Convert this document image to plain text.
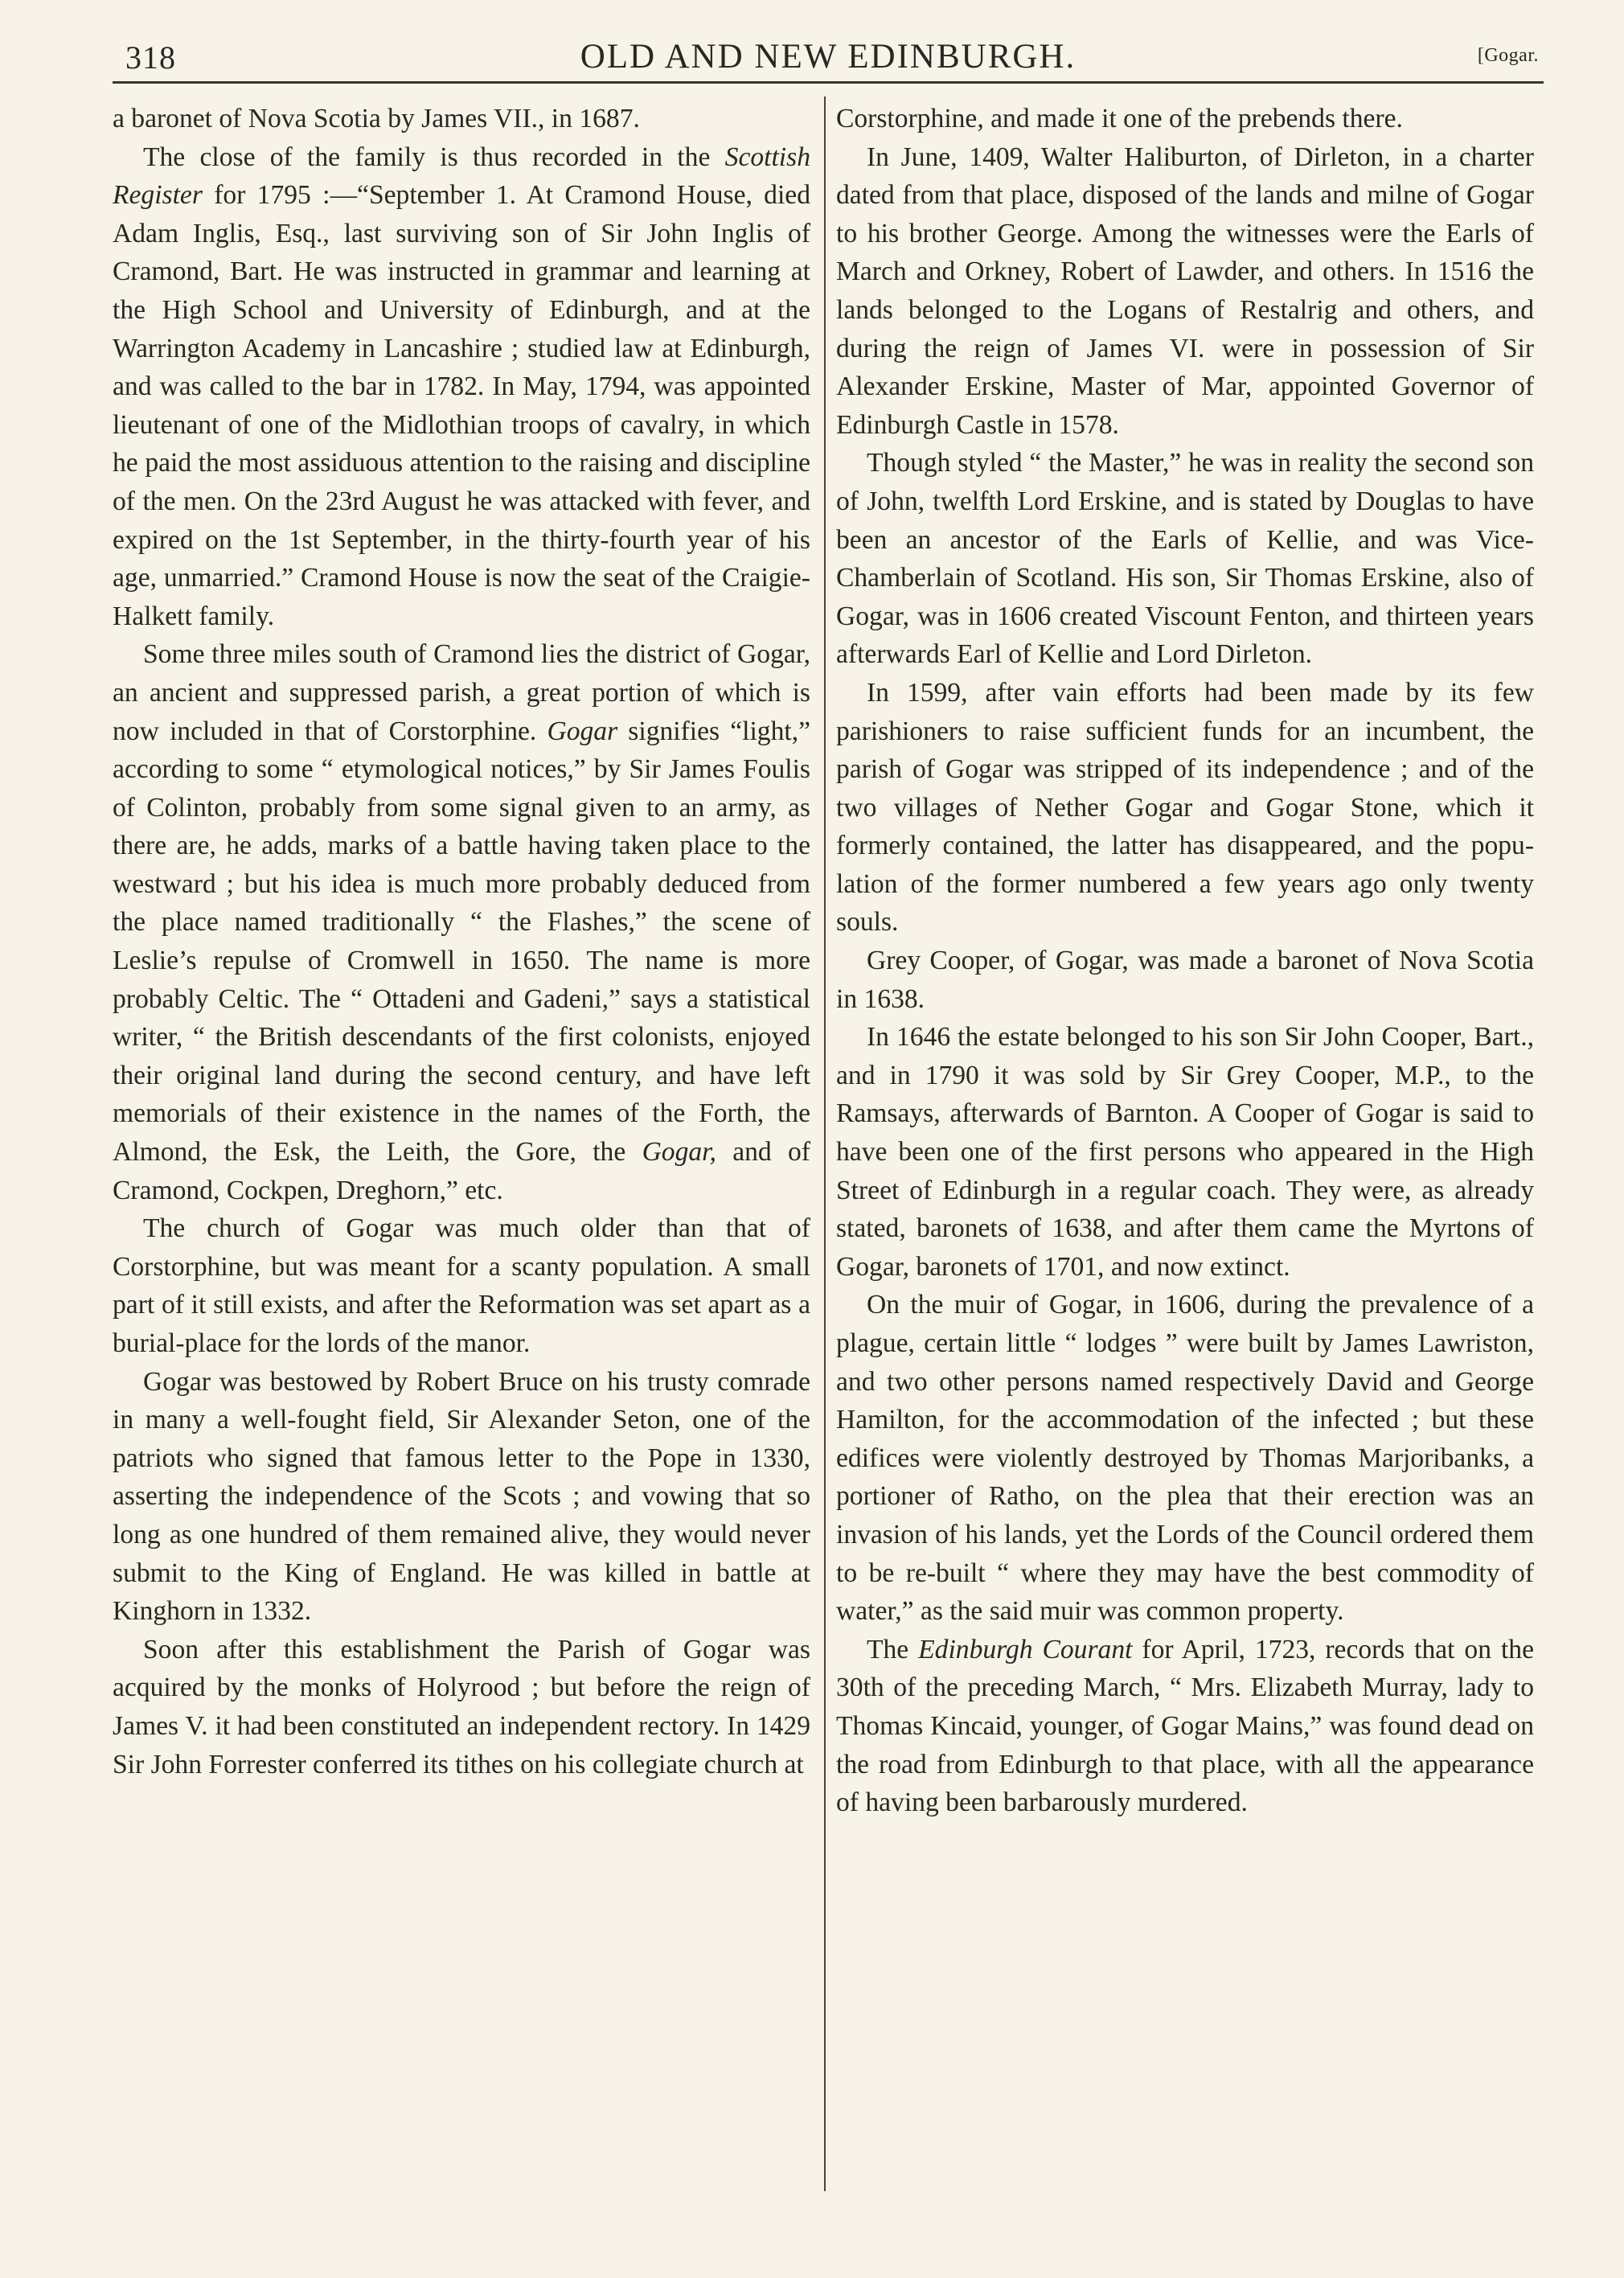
318	OLD AND NEW EDINBURGH.	[Gogar.

a baronet of Nova Scotia by James VII., in 1687.

The close of the family is thus recorded in the Scottish Register for 1795 :—“September 1. At Cramond House, died Adam Inglis, Esq., last surviving son of Sir John Inglis of Cramond, Bart. He was instructed in grammar and learning at the High School and University of Edinburgh, and at the Warrington Academy in Lancashire ; studied law at Edinburgh, and was called to the bar in 1782. In May, 1794, was appointed lieutenant of one of the Midlothian troops of cavalry, in which he paid the most assiduous attention to the raising and discipline of the men. On the 23rd August he was attacked with fever, and expired on the 1st September, in the thirty-fourth year of his age, unmarried.” Cramond House is now the seat of the Craigie-Halkett family.

Some three miles south of Cramond lies the district of Gogar, an ancient and suppressed parish, a great portion of which is now included in that of Corstorphine. Gogar signifies “light,” according to some “ etymological notices,” by Sir James Foulis of Colinton, probably from some signal given to an army, as there are, he adds, marks of a battle having taken place to the westward ; but his idea is much more probably deduced from the place named traditionally “ the Flashes,” the scene of Leslie’s repulse of Cromwell in 1650. The name is more probably Celtic. The “ Ottadeni and Gadeni,” says a statistical writer, “ the British descendants of the first colonists, enjoyed their original land during the second century, and have left memorials of their existence in the names of the Forth, the Almond, the Esk, the Leith, the Gore, the Gogar, and of Cramond, Cockpen, Dreghorn,” etc.

The church of Gogar was much older than that of Corstorphine, but was meant for a scanty population. A small part of it still exists, and after the Reformation was set apart as a burial-place for the lords of the manor.

Gogar was bestowed by Robert Bruce on his trusty comrade in many a well-fought field, Sir Alexander Seton, one of the patriots who signed that famous letter to the Pope in 1330, asserting the independence of the Scots ; and vowing that so long as one hundred of them remained alive, they would never submit to the King of England. He was killed in battle at Kinghorn in 1332.

Soon after this establishment the Parish of Gogar was acquired by the monks of Holyrood ; but before the reign of James V. it had been constituted an independent rectory. In 1429 Sir John Forrester conferred its tithes on his collegiate church at

Corstorphine, and made it one of the prebends there.

In June, 1409, Walter Haliburton, of Dirleton, in a charter dated from that place, disposed of the lands and milne of Gogar to his brother George. Among the witnesses were the Earls of March and Orkney, Robert of Lawder, and others. In 1516 the lands belonged to the Logans of Restalrig and others, and during the reign of James VI. were in possession of Sir Alexander Erskine, Master of Mar, appointed Governor of Edinburgh Castle in 1578.

Though styled “ the Master,” he was in reality the second son of John, twelfth Lord Erskine, and is stated by Douglas to have been an ancestor of the Earls of Kellie, and was Vice-Chamberlain of Scotland. His son, Sir Thomas Erskine, also of Gogar, was in 1606 created Viscount Fenton, and thirteen years afterwards Earl of Kellie and Lord Dirleton.

In 1599, after vain efforts had been made by its few parishioners to raise sufficient funds for an incumbent, the parish of Gogar was stripped of its independence ; and of the two villages of Nether Gogar and Gogar Stone, which it formerly contained, the latter has disappeared, and the population of the former numbered a few years ago only twenty souls.

Grey Cooper, of Gogar, was made a baronet of Nova Scotia in 1638.

In 1646 the estate belonged to his son Sir John Cooper, Bart., and in 1790 it was sold by Sir Grey Cooper, M.P., to the Ramsays, afterwards of Barnton. A Cooper of Gogar is said to have been one of the first persons who appeared in the High Street of Edinburgh in a regular coach. They were, as already stated, baronets of 1638, and after them came the Myrtons of Gogar, baronets of 1701, and now extinct.

On the muir of Gogar, in 1606, during the prevalence of a plague, certain little “ lodges ” were built by James Lawriston, and two other persons named respectively David and George Hamilton, for the accommodation of the infected ; but these edifices were violently destroyed by Thomas Marjoribanks, a portioner of Ratho, on the plea that their erection was an invasion of his lands, yet the Lords of the Council ordered them to be re-built “ where they may have the best commodity of water,” as the said muir was common property.

The Edinburgh Courant for April, 1723, records that on the 30th of the preceding March, “ Mrs. Elizabeth Murray, lady to Thomas Kincaid, younger, of Gogar Mains,” was found dead on the road from Edinburgh to that place, with all the appearance of having been barbarously murdered.
